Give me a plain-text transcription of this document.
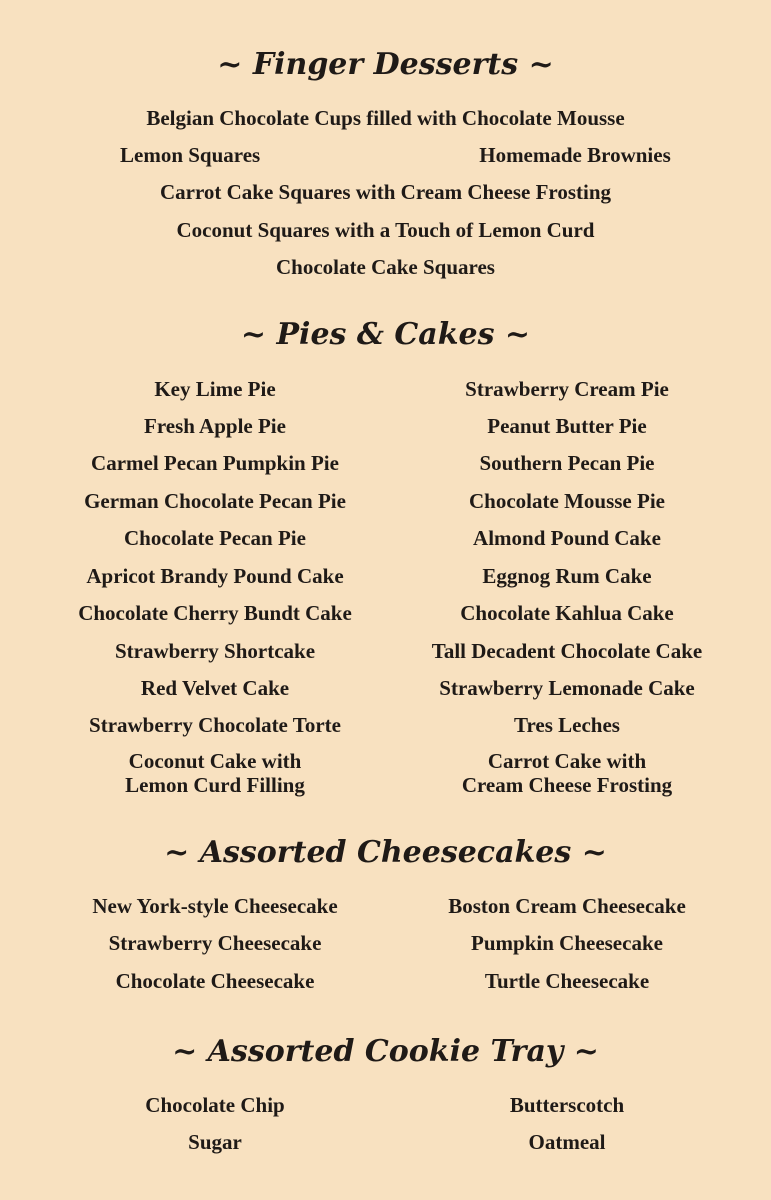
~ Finger Desserts ~
Belgian Chocolate Cups filled with Chocolate Mousse
Lemon Squares	Homemade Brownies
Carrot Cake Squares with Cream Cheese Frosting
Coconut Squares with a Touch of Lemon Curd
Chocolate Cake Squares
~ Pies & Cakes ~
Key Lime Pie
Fresh Apple Pie
Carmel Pecan Pumpkin Pie
German Chocolate Pecan Pie
Chocolate Pecan Pie
Apricot Brandy Pound Cake
Chocolate Cherry Bundt Cake
Strawberry Shortcake
Red Velvet Cake
Strawberry Chocolate Torte
Coconut Cake with
Lemon Curd Filling
Strawberry Cream Pie
Peanut Butter Pie
Southern Pecan Pie
Chocolate Mousse Pie
Almond Pound Cake
Eggnog Rum Cake
Chocolate Kahlua Cake
Tall Decadent Chocolate Cake
Strawberry Lemonade Cake
Tres Leches
Carrot Cake with
Cream Cheese Frosting
~ Assorted Cheesecakes ~
New York-style Cheesecake
Strawberry Cheesecake
Chocolate Cheesecake
Boston Cream Cheesecake
Pumpkin Cheesecake
Turtle Cheesecake
~ Assorted Cookie Tray ~
Chocolate Chip
Sugar
Butterscotch
Oatmeal
